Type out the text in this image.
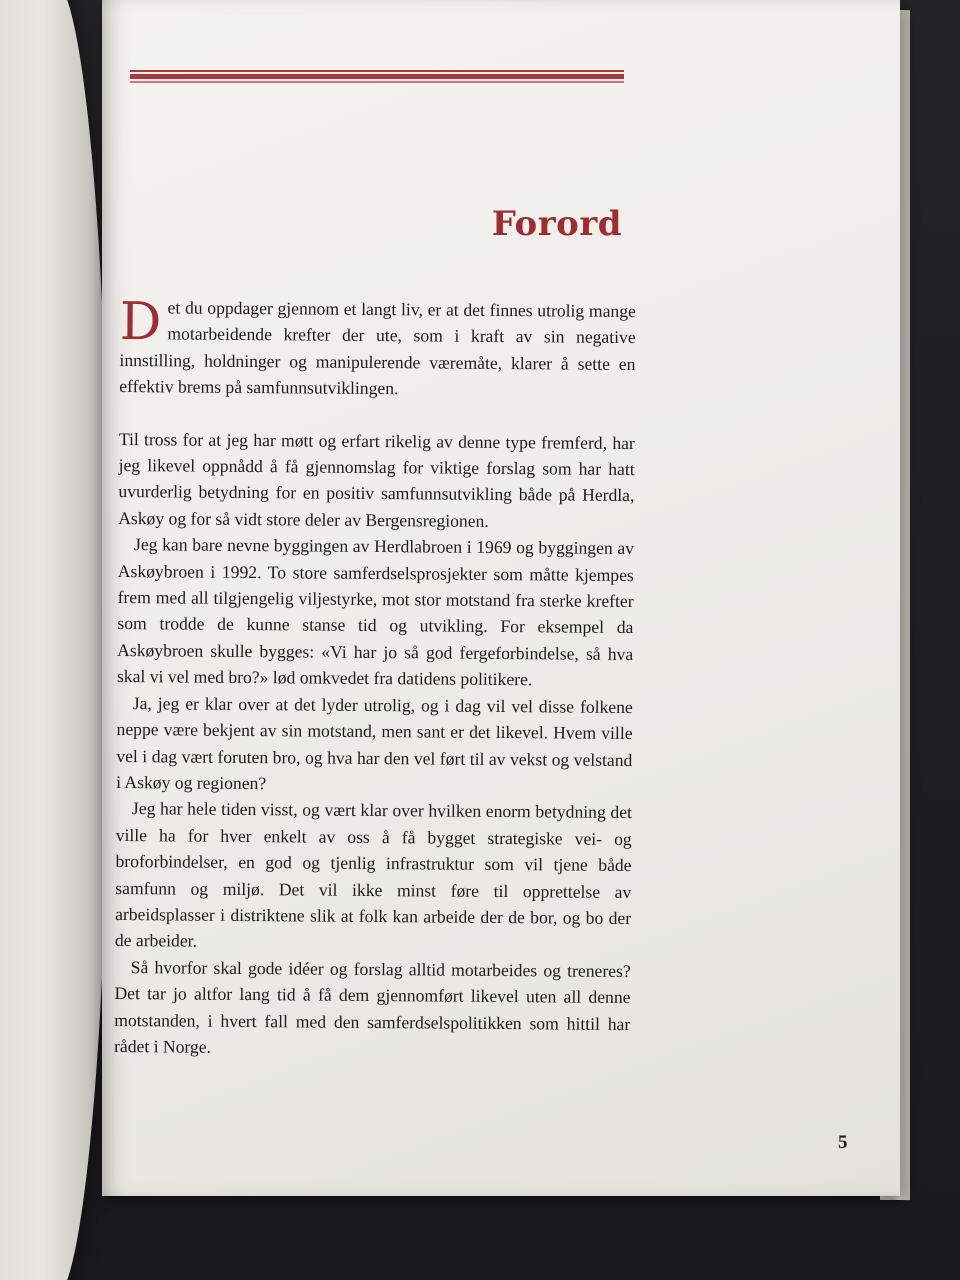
Forord

Det du oppdager gjennom et langt liv, er at det finnes utrolig mange motarbeidende krefter der ute, som i kraft av sin negative innstilling, holdninger og manipulerende væremåte, klarer å sette en effektiv brems på samfunnsutviklingen.

Til tross for at jeg har møtt og erfart rikelig av denne type fremferd, har jeg likevel oppnådd å få gjennomslag for viktige forslag som har hatt uvurderlig betydning for en positiv samfunnsutvikling både på Herdla, Askøy og for så vidt store deler av Bergensregionen.

Jeg kan bare nevne byggingen av Herdlabroen i 1969 og byggingen av Askøybroen i 1992. To store samferdselsprosjekter som måtte kjempes frem med all tilgjengelig viljestyrke, mot stor motstand fra sterke krefter som trodde de kunne stanse tid og utvikling. For eksempel da Askøybroen skulle bygges: «Vi har jo så god fergeforbindelse, så hva skal vi vel med bro?» lød omkvedet fra datidens politikere.

Ja, jeg er klar over at det lyder utrolig, og i dag vil vel disse folkene neppe være bekjent av sin motstand, men sant er det likevel. Hvem ville vel i dag vært foruten bro, og hva har den vel ført til av vekst og velstand i Askøy og regionen?

Jeg har hele tiden visst, og vært klar over hvilken enorm betydning det ville ha for hver enkelt av oss å få bygget strategiske vei- og broforbindelser, en god og tjenlig infrastruktur som vil tjene både samfunn og miljø. Det vil ikke minst føre til opprettelse av arbeidsplasser i distriktene slik at folk kan arbeide der de bor, og bo der de arbeider.

Så hvorfor skal gode idéer og forslag alltid motarbeides og treneres? Det tar jo altfor lang tid å få dem gjennomført likevel uten all denne motstanden, i hvert fall med den samferdselspolitikken som hittil har rådet i Norge.

5
